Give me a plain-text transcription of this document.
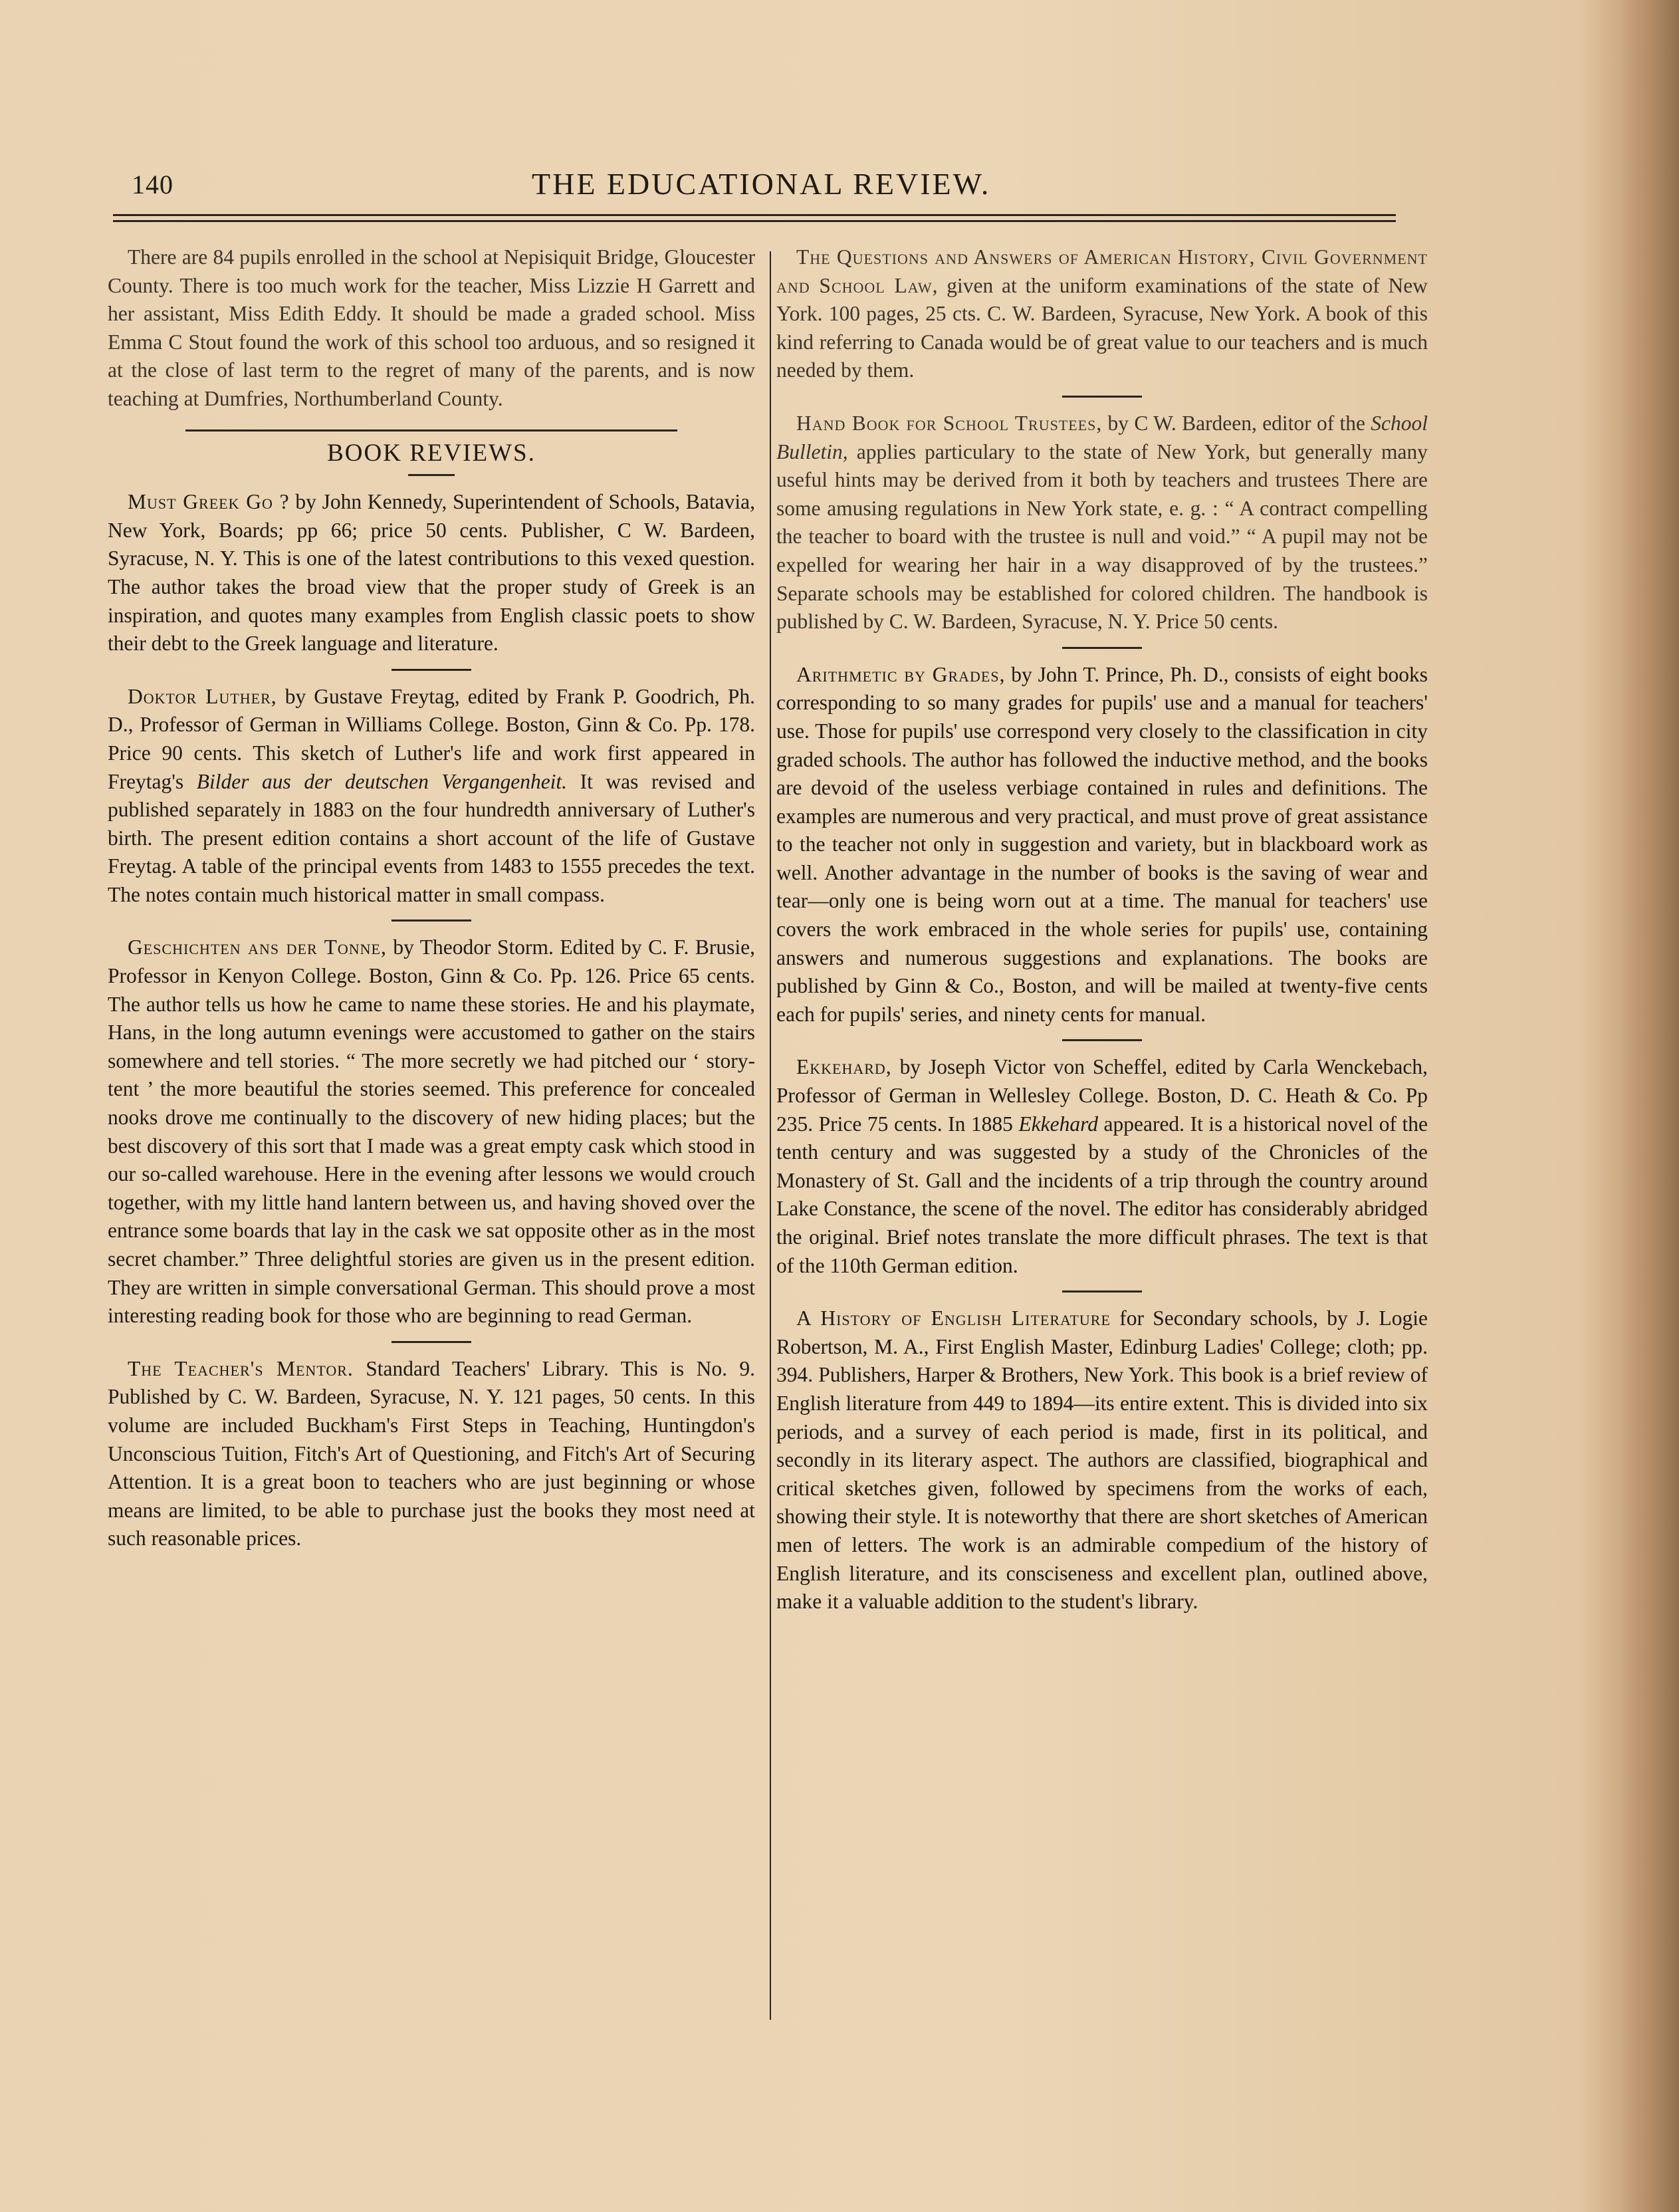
140	THE EDUCATIONAL REVIEW.

There are 84 pupils enrolled in the school at Nepisiquit Bridge, Gloucester County. There is too much work for the teacher, Miss Lizzie H Garrett and her assistant, Miss Edith Eddy. It should be made a graded school. Miss Emma C Stout found the work of this school too arduous, and so resigned it at the close of last term to the regret of many of the parents, and is now teaching at Dumfries, Northumberland County.

BOOK REVIEWS.

Must Greek Go ? by John Kennedy, Superintendent of Schools, Batavia, New York, Boards; pp 66; price 50 cents. Publisher, C W. Bardeen, Syracuse, N. Y. This is one of the latest contributions to this vexed question. The author takes the broad view that the proper study of Greek is an inspiration, and quotes many examples from English classic poets to show their debt to the Greek language and literature.

Doktor Luther, by Gustave Freytag, edited by Frank P. Goodrich, Ph. D., Professor of German in Williams College. Boston, Ginn & Co. Pp. 178. Price 90 cents. This sketch of Luther's life and work first appeared in Freytag's Bilder aus der deutschen Vergangenheit. It was revised and published separately in 1883 on the four hundredth anniversary of Luther's birth. The present edition contains a short account of the life of Gustave Freytag. A table of the principal events from 1483 to 1555 precedes the text. The notes contain much historical matter in small compass.

Geschichten ans der Tonne, by Theodor Storm. Edited by C. F. Brusie, Professor in Kenyon College. Boston, Ginn & Co. Pp. 126. Price 65 cents. The author tells us how he came to name these stories. He and his playmate, Hans, in the long autumn evenings were accustomed to gather on the stairs somewhere and tell stories. “ The more secretly we had pitched our ‘ story-tent ’ the more beautiful the stories seemed. This preference for concealed nooks drove me continually to the discovery of new hiding places; but the best discovery of this sort that I made was a great empty cask which stood in our so-called warehouse. Here in the evening after lessons we would crouch together, with my little hand lantern between us, and having shoved over the entrance some boards that lay in the cask we sat opposite other as in the most secret chamber.” Three delightful stories are given us in the present edition. They are written in simple conversational German. This should prove a most interesting reading book for those who are beginning to read German.

The Teacher's Mentor. Standard Teachers' Library. This is No. 9. Published by C. W. Bardeen, Syracuse, N. Y. 121 pages, 50 cents. In this volume are included Buckham's First Steps in Teaching, Huntingdon's Unconscious Tuition, Fitch's Art of Questioning, and Fitch's Art of Securing Attention. It is a great boon to teachers who are just beginning or whose means are limited, to be able to purchase just the books they most need at such reasonable prices.

The Questions and Answers of American History, Civil Government and School Law, given at the uniform examinations of the state of New York. 100 pages, 25 cts. C. W. Bardeen, Syracuse, New York. A book of this kind referring to Canada would be of great value to our teachers and is much needed by them.

Hand Book for School Trustees, by C W. Bardeen, editor of the School Bulletin, applies particulary to the state of New York, but generally many useful hints may be derived from it both by teachers and trustees There are some amusing regulations in New York state, e. g. : “ A contract compelling the teacher to board with the trustee is null and void.” “ A pupil may not be expelled for wearing her hair in a way disapproved of by the trustees.” Separate schools may be established for colored children. The handbook is published by C. W. Bardeen, Syracuse, N. Y. Price 50 cents.

Arithmetic by Grades, by John T. Prince, Ph. D., consists of eight books corresponding to so many grades for pupils' use and a manual for teachers' use. Those for pupils' use correspond very closely to the classification in city graded schools. The author has followed the inductive method, and the books are devoid of the useless verbiage contained in rules and definitions. The examples are numerous and very practical, and must prove of great assistance to the teacher not only in suggestion and variety, but in blackboard work as well. Another advantage in the number of books is the saving of wear and tear—only one is being worn out at a time. The manual for teachers' use covers the work embraced in the whole series for pupils' use, containing answers and numerous suggestions and explanations. The books are published by Ginn & Co., Boston, and will be mailed at twenty-five cents each for pupils' series, and ninety cents for manual.

Ekkehard, by Joseph Victor von Scheffel, edited by Carla Wenckebach, Professor of German in Wellesley College. Boston, D. C. Heath & Co. Pp 235. Price 75 cents. In 1885 Ekkehard appeared. It is a historical novel of the tenth century and was suggested by a study of the Chronicles of the Monastery of St. Gall and the incidents of a trip through the country around Lake Constance, the scene of the novel. The editor has considerably abridged the original. Brief notes translate the more difficult phrases. The text is that of the 110th German edition.

A History of English Literature for Secondary schools, by J. Logie Robertson, M. A., First English Master, Edinburg Ladies' College; cloth; pp. 394. Publishers, Harper & Brothers, New York. This book is a brief review of English literature from 449 to 1894—its entire extent. This is divided into six periods, and a survey of each period is made, first in its political, and secondly in its literary aspect. The authors are classified, biographical and critical sketches given, followed by specimens from the works of each, showing their style. It is noteworthy that there are short sketches of American men of letters. The work is an admirable compedium of the history of English literature, and its consciseness and excellent plan, outlined above, make it a valuable addition to the student's library.
